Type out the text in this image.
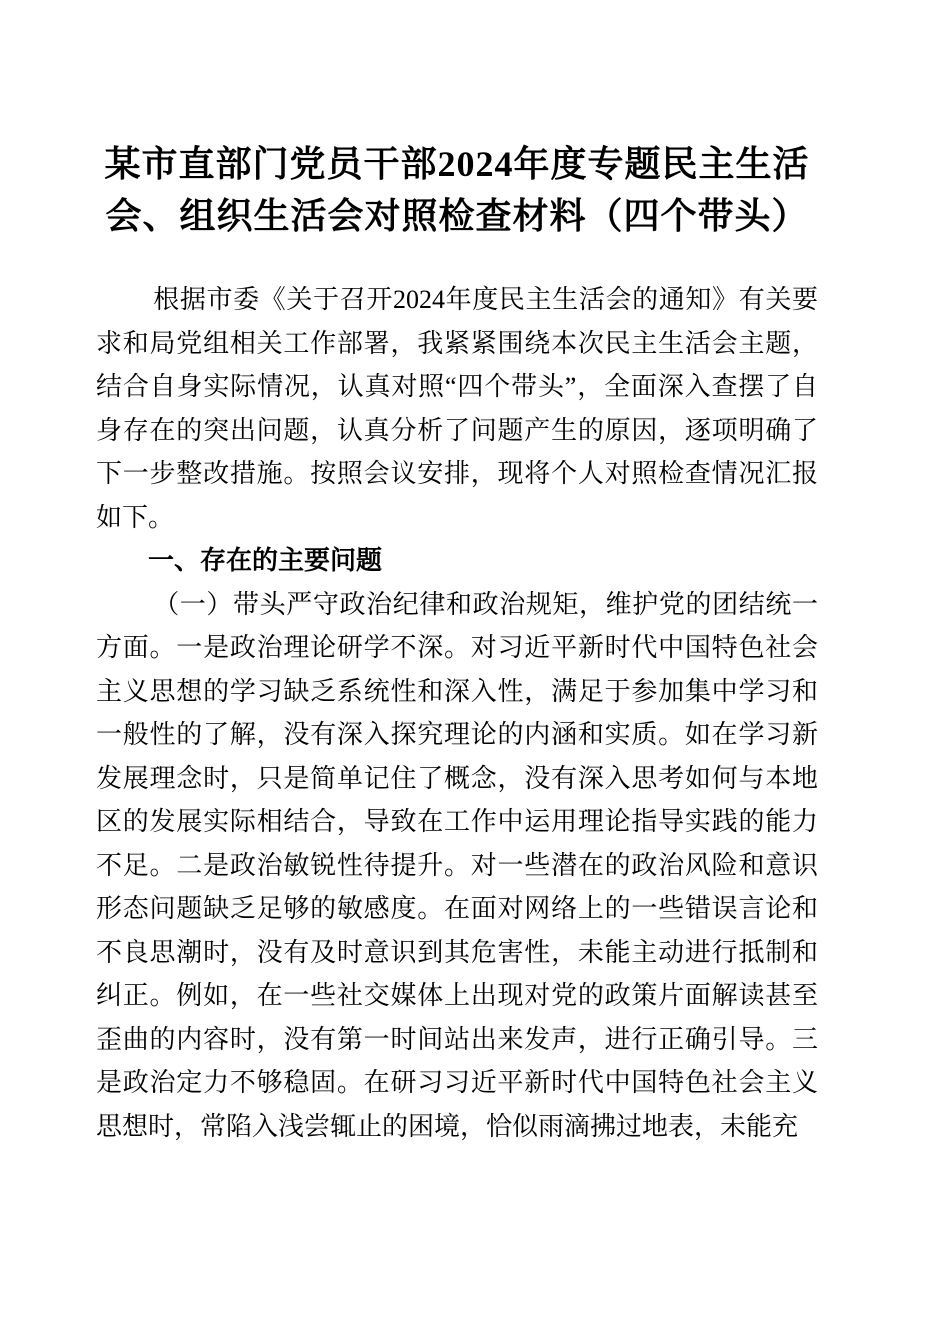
某市直部门党员干部2024年度专题民主生活会、组织生活会对照检查材料（四个带头）

根据市委《关于召开2024年度民主生活会的通知》有关要求和局党组相关工作部署，我紧紧围绕本次民主生活会主题，结合自身实际情况，认真对照“四个带头”，全面深入查摆了自身存在的突出问题，认真分析了问题产生的原因，逐项明确了下一步整改措施。按照会议安排，现将个人对照检查情况汇报如下。

一、存在的主要问题

（一）带头严守政治纪律和政治规矩，维护党的团结统一方面。一是政治理论研学不深。对习近平新时代中国特色社会主义思想的学习缺乏系统性和深入性，满足于参加集中学习和一般性的了解，没有深入探究理论的内涵和实质。如在学习新发展理念时，只是简单记住了概念，没有深入思考如何与本地区的发展实际相结合，导致在工作中运用理论指导实践的能力不足。二是政治敏锐性待提升。对一些潜在的政治风险和意识形态问题缺乏足够的敏感度。在面对网络上的一些错误言论和不良思潮时，没有及时意识到其危害性，未能主动进行抵制和纠正。例如，在一些社交媒体上出现对党的政策片面解读甚至歪曲的内容时，没有第一时间站出来发声，进行正确引导。三是政治定力不够稳固。在研习习近平新时代中国特色社会主义思想时，常陷入浅尝辄止的困境，恰似雨滴拂过地表，未能充
